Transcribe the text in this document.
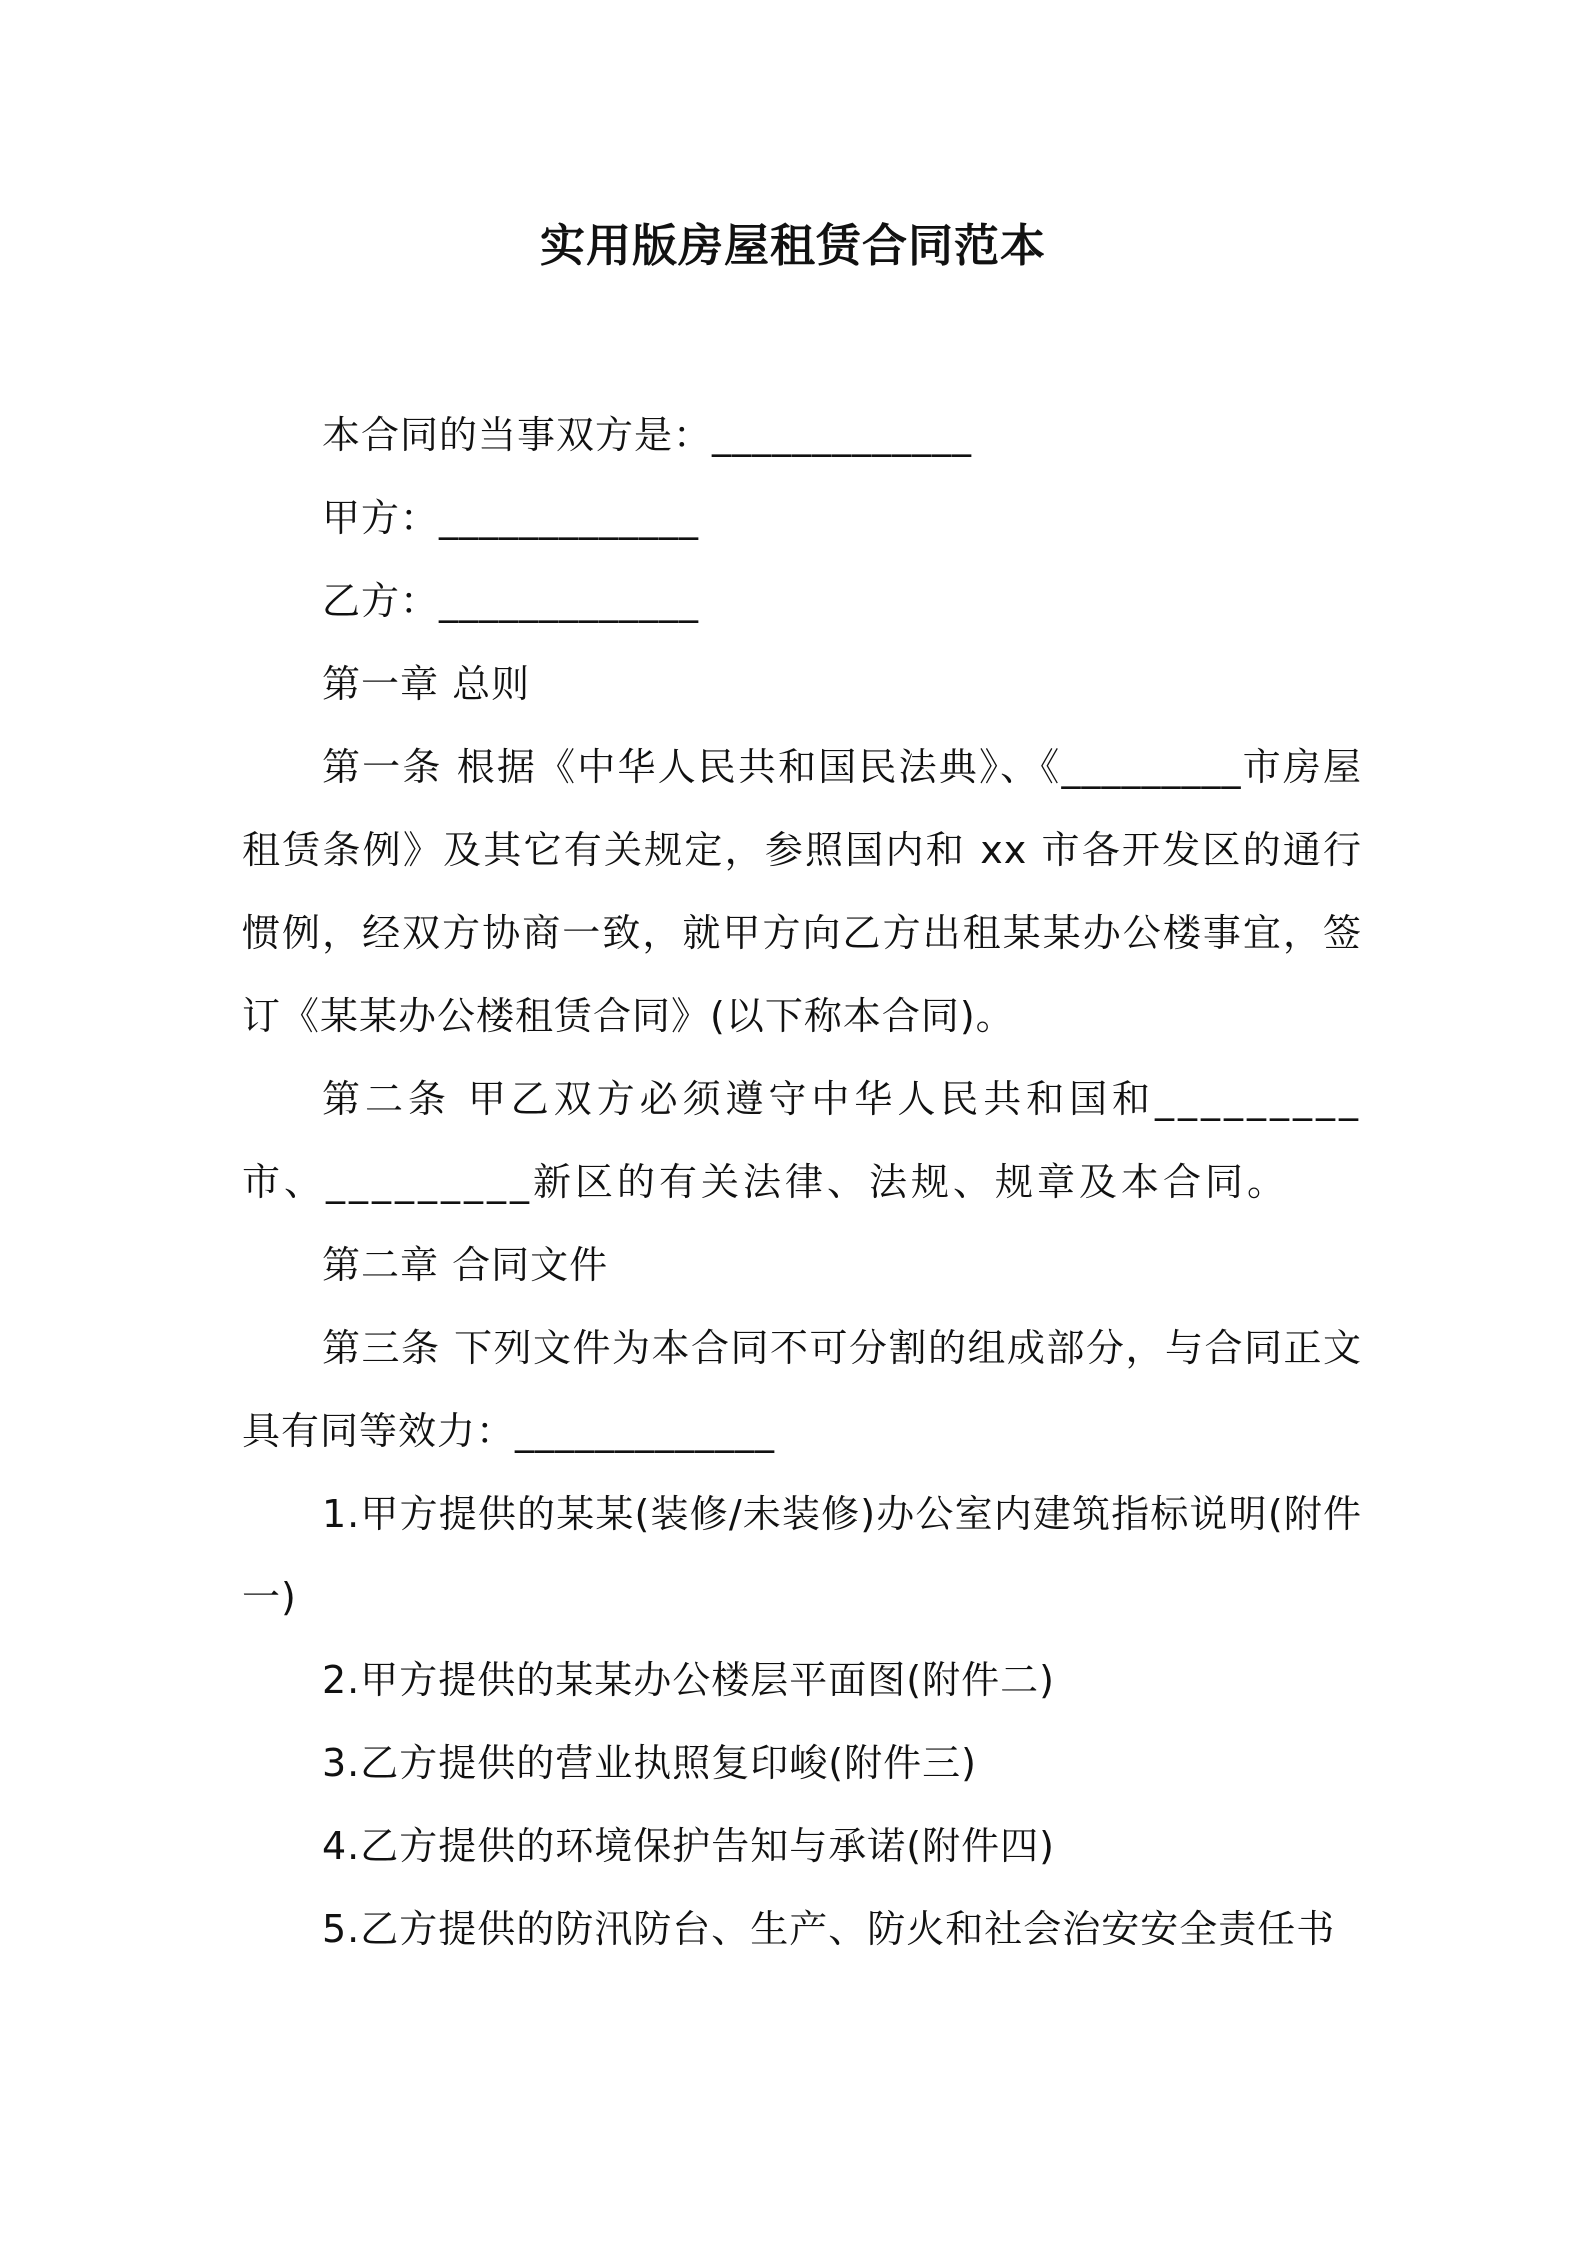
实用版房屋租赁合同范本

本合同的当事双方是：_____________

甲方：_____________

乙方：_____________

第一章 总则

第一条 根据《中华人民共和国民法典》、《_________市房屋租赁条例》及其它有关规定，参照国内和 xx 市各开发区的通行惯例，经双方协商一致，就甲方向乙方出租某某办公楼事宜，签订《某某办公楼租赁合同》(以下称本合同)。

第二条 甲乙双方必须遵守中华人民共和国和_________市、_________新区的有关法律、法规、规章及本合同。

第二章 合同文件

第三条 下列文件为本合同不可分割的组成部分，与合同正文具有同等效力：_____________

1.甲方提供的某某(装修/未装修)办公室内建筑指标说明(附件一)

2.甲方提供的某某办公楼层平面图(附件二)

3.乙方提供的营业执照复印峻(附件三)

4.乙方提供的环境保护告知与承诺(附件四)

5.乙方提供的防汛防台、生产、防火和社会治安安全责任书
